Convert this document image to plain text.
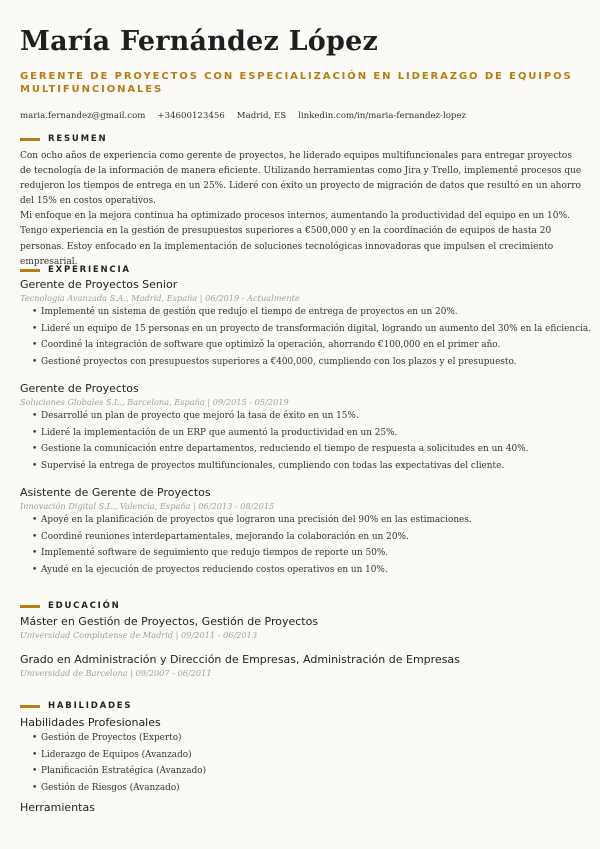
María Fernández López
GERENTE DE PROYECTOS CON ESPECIALIZACIÓN EN LIDERAZGO DE EQUIPOS MULTIFUNCIONALES
maria.fernandez@gmail.com +34600123456 Madrid, ES linkedin.com/in/maria-fernandez-lopez
RESUMEN

Con ocho años de experiencia como gerente de proyectos, he liderado equipos multifuncionales para entregar proyectos de tecnología de la información de manera eficiente. Utilizando herramientas como Jira y Trello, implementé procesos que redujeron los tiempos de entrega en un 25%. Lideré con éxito un proyecto de migración de datos que resultó en un ahorro del 15% en costos operativos.

Mi enfoque en la mejora continua ha optimizado procesos internos, aumentando la productividad del equipo en un 10%. Tengo experiencia en la gestión de presupuestos superiores a €500,000 y en la coordinación de equipos de hasta 20 personas. Estoy enfocado en la implementación de soluciones tecnológicas innovadoras que impulsen el crecimiento empresarial.

EXPERIENCIA
Gerente de Proyectos Senior
Tecnología Avanzada S.A., Madrid, España | 06/2019 - Actualmente
• Implementé un sistema de gestión que redujo el tiempo de entrega de proyectos en un 20%.
• Lideré un equipo de 15 personas en un proyecto de transformación digital, logrando un aumento del 30% en la eficiencia.
• Coordiné la integración de software que optimizó la operación, ahorrando €100,000 en el primer año.
• Gestioné proyectos con presupuestos superiores a €400,000, cumpliendo con los plazos y el presupuesto.
Gerente de Proyectos
Soluciones Globales S.L., Barcelona, España | 09/2015 - 05/2019
• Desarrollé un plan de proyecto que mejoró la tasa de éxito en un 15%.
• Lideré la implementación de un ERP que aumentó la productividad en un 25%.
• Gestione la comunicación entre departamentos, reduciendo el tiempo de respuesta a solicitudes en un 40%.
• Supervisé la entrega de proyectos multifuncionales, cumpliendo con todas las expectativas del cliente.
Asistente de Gerente de Proyectos
Innovación Digital S.L., Valencia, España | 06/2013 - 08/2015
• Apoyé en la planificación de proyectos que lograron una precisión del 90% en las estimaciones.
• Coordiné reuniones interdepartamentales, mejorando la colaboración en un 20%.
• Implementé software de seguimiento que redujo tiempos de reporte un 50%.
• Ayudé en la ejecución de proyectos reduciendo costos operativos en un 10%.
EDUCACIÓN
Máster en Gestión de Proyectos, Gestión de Proyectos
Universidad Complutense de Madrid | 09/2011 - 06/2013
Grado en Administración y Dirección de Empresas, Administración de Empresas
Universidad de Barcelona | 09/2007 - 06/2011
HABILIDADES
Habilidades Profesionales
• Gestión de Proyectos (Experto)
• Liderazgo de Equipos (Avanzado)
• Planificación Estratégica (Avanzado)
• Gestión de Riesgos (Avanzado)
Herramientas
